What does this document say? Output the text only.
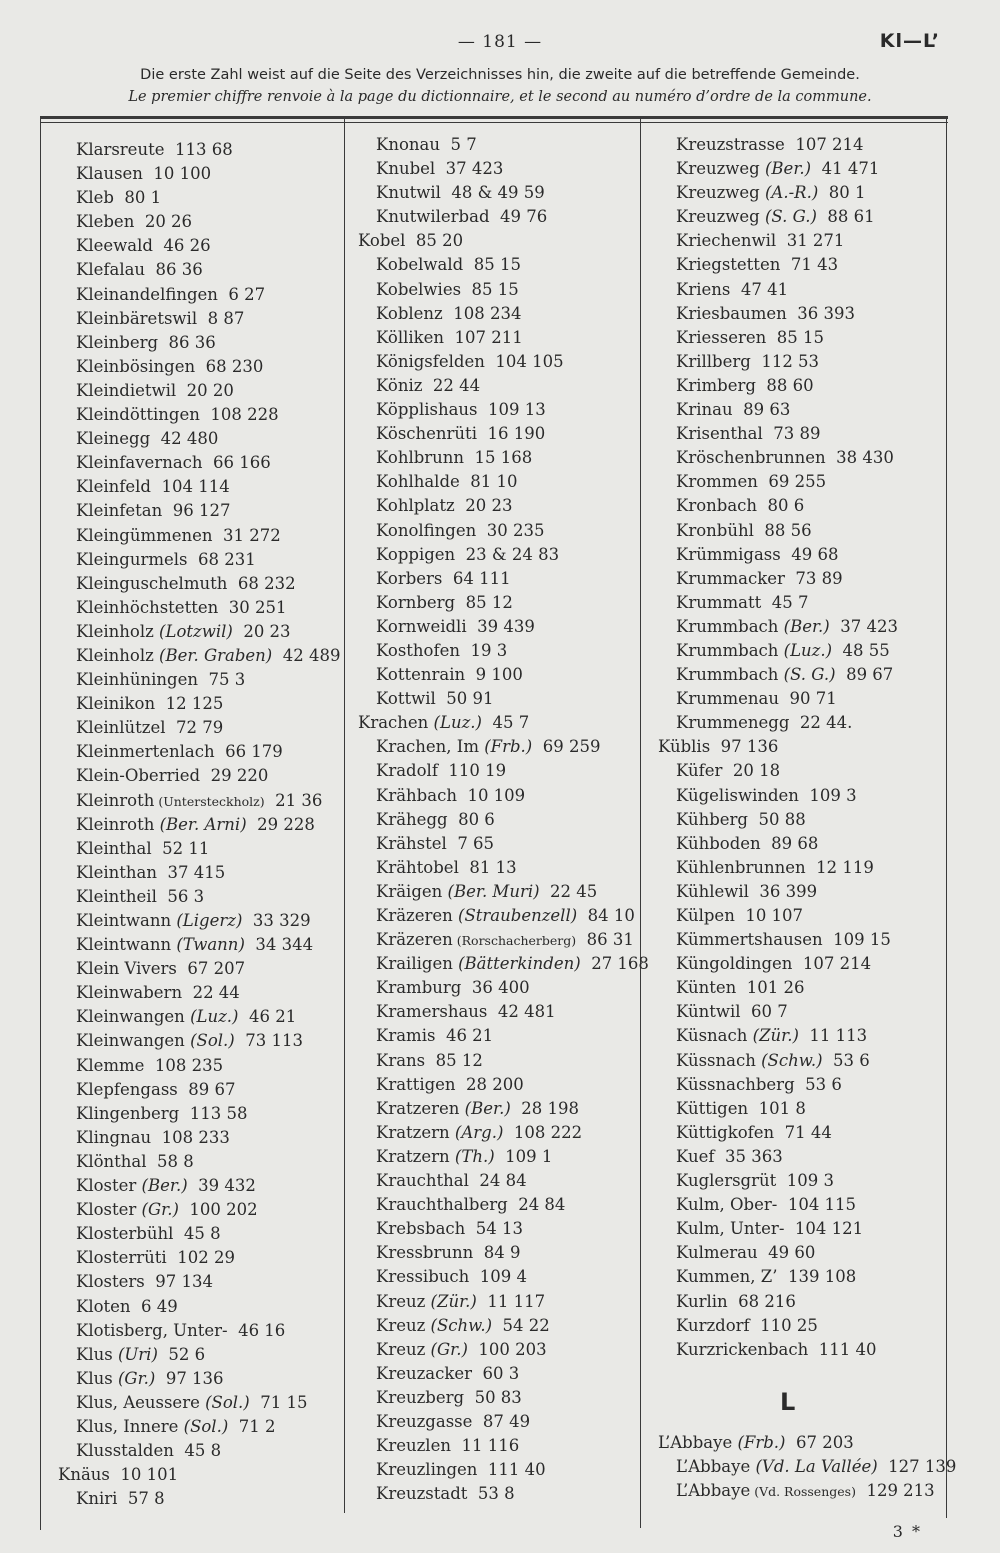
— 181 —	Kl—L’
Die erste Zahl weist auf die Seite des Verzeichnisses hin, die zweite auf die betreffende Gemeinde.
Le premier chiffre renvoie à la page du dictionnaire, et le second au numéro d’ordre de la commune.
Klarsreute  113 68
Klausen  10 100
Kleb  80 1
Kleben  20 26
Kleewald  46 26
Klefalau  86 36
Kleinandelfingen  6 27
Kleinbäretswil  8 87
Kleinberg  86 36
Kleinbösingen  68 230
Kleindietwil  20 20
Kleindöttingen  108 228
Kleinegg  42 480
Kleinfavernach  66 166
Kleinfeld  104 114
Kleinfetan  96 127
Kleingümmenen  31 272
Kleingurmels  68 231
Kleinguschelmuth  68 232
Kleinhöchstetten  30 251
Kleinholz (Lotzwil)  20 23
Kleinholz (Ber. Graben)  42 489
Kleinhüningen  75 3
Kleinikon  12 125
Kleinlützel  72 79
Kleinmertenlach  66 179
Klein-Oberried  29 220
Kleinroth (Untersteckholz)  21 36
Kleinroth (Ber. Arni)  29 228
Kleinthal  52 11
Kleinthan  37 415
Kleintheil  56 3
Kleintwann (Ligerz)  33 329
Kleintwann (Twann)  34 344
Klein Vivers  67 207
Kleinwabern  22 44
Kleinwangen (Luz.)  46 21
Kleinwangen (Sol.)  73 113
Klemme  108 235
Klepfengass  89 67
Klingenberg  113 58
Klingnau  108 233
Klönthal  58 8
Kloster (Ber.)  39 432
Kloster (Gr.)  100 202
Klosterbühl  45 8
Klosterrüti  102 29
Klosters  97 134
Kloten  6 49
Klotisberg, Unter-  46 16
Klus (Uri)  52 6
Klus (Gr.)  97 136
Klus, Aeussere (Sol.)  71 15
Klus, Innere (Sol.)  71 2
Klusstalden  45 8
Knäus  10 101
Kniri  57 8
Knonau  5 7
Knubel  37 423
Knutwil  48 & 49 59
Knutwilerbad  49 76
Kobel  85 20
Kobelwald  85 15
Kobelwies  85 15
Koblenz  108 234
Kölliken  107 211
Königsfelden  104 105
Köniz  22 44
Köpplishaus  109 13
Köschenrüti  16 190
Kohlbrunn  15 168
Kohlhalde  81 10
Kohlplatz  20 23
Konolfingen  30 235
Koppigen  23 & 24 83
Korbers  64 111
Kornberg  85 12
Kornweidli  39 439
Kosthofen  19 3
Kottenrain  9 100
Kottwil  50 91
Krachen (Luz.)  45 7
Krachen, Im (Frb.)  69 259
Kradolf  110 19
Krähbach  10 109
Krähegg  80 6
Krähstel  7 65
Krähtobel  81 13
Kräigen (Ber. Muri)  22 45
Kräzeren (Straubenzell)  84 10
Kräzeren (Rorschacherberg)  86 31
Krailigen (Bätterkinden)  27 168
Kramburg  36 400
Kramershaus  42 481
Kramis  46 21
Krans  85 12
Krattigen  28 200
Kratzeren (Ber.)  28 198
Kratzern (Arg.)  108 222
Kratzern (Th.)  109 1
Krauchthal  24 84
Krauchthalberg  24 84
Krebsbach  54 13
Kressbrunn  84 9
Kressibuch  109 4
Kreuz (Zür.)  11 117
Kreuz (Schw.)  54 22
Kreuz (Gr.)  100 203
Kreuzacker  60 3
Kreuzberg  50 83
Kreuzgasse  87 49
Kreuzlen  11 116
Kreuzlingen  111 40
Kreuzstadt  53 8
Kreuzstrasse  107 214
Kreuzweg (Ber.)  41 471
Kreuzweg (A.-R.)  80 1
Kreuzweg (S. G.)  88 61
Kriechenwil  31 271
Kriegstetten  71 43
Kriens  47 41
Kriesbaumen  36 393
Kriesseren  85 15
Krillberg  112 53
Krimberg  88 60
Krinau  89 63
Krisenthal  73 89
Kröschenbrunnen  38 430
Krommen  69 255
Kronbach  80 6
Kronbühl  88 56
Krümmigass  49 68
Krummacker  73 89
Krummatt  45 7
Krummbach (Ber.)  37 423
Krummbach (Luz.)  48 55
Krummbach (S. G.)  89 67
Krummenau  90 71
Krummenegg  22 44.
Küblis  97 136
Küfer  20 18
Kügeliswinden  109 3
Kühberg  50 88
Kühboden  89 68
Kühlenbrunnen  12 119
Kühlewil  36 399
Külpen  10 107
Kümmertshausen  109 15
Küngoldingen  107 214
Künten  101 26
Küntwil  60 7
Küsnach (Zür.)  11 113
Küssnach (Schw.)  53 6
Küssnachberg  53 6
Küttigen  101 8
Küttigkofen  71 44
Kuef  35 363
Kuglersgrüt  109 3
Kulm, Ober-  104 115
Kulm, Unter-  104 121
Kulmerau  49 60
Kummen, Z’  139 108
Kurlin  68 216
Kurzdorf  110 25
Kurzrickenbach  111 40
L
L’Abbaye (Frb.)  67 203
L’Abbaye (Vd. La Vallée)  127 139
L’Abbaye (Vd. Rossenges)  129 213
3 *
